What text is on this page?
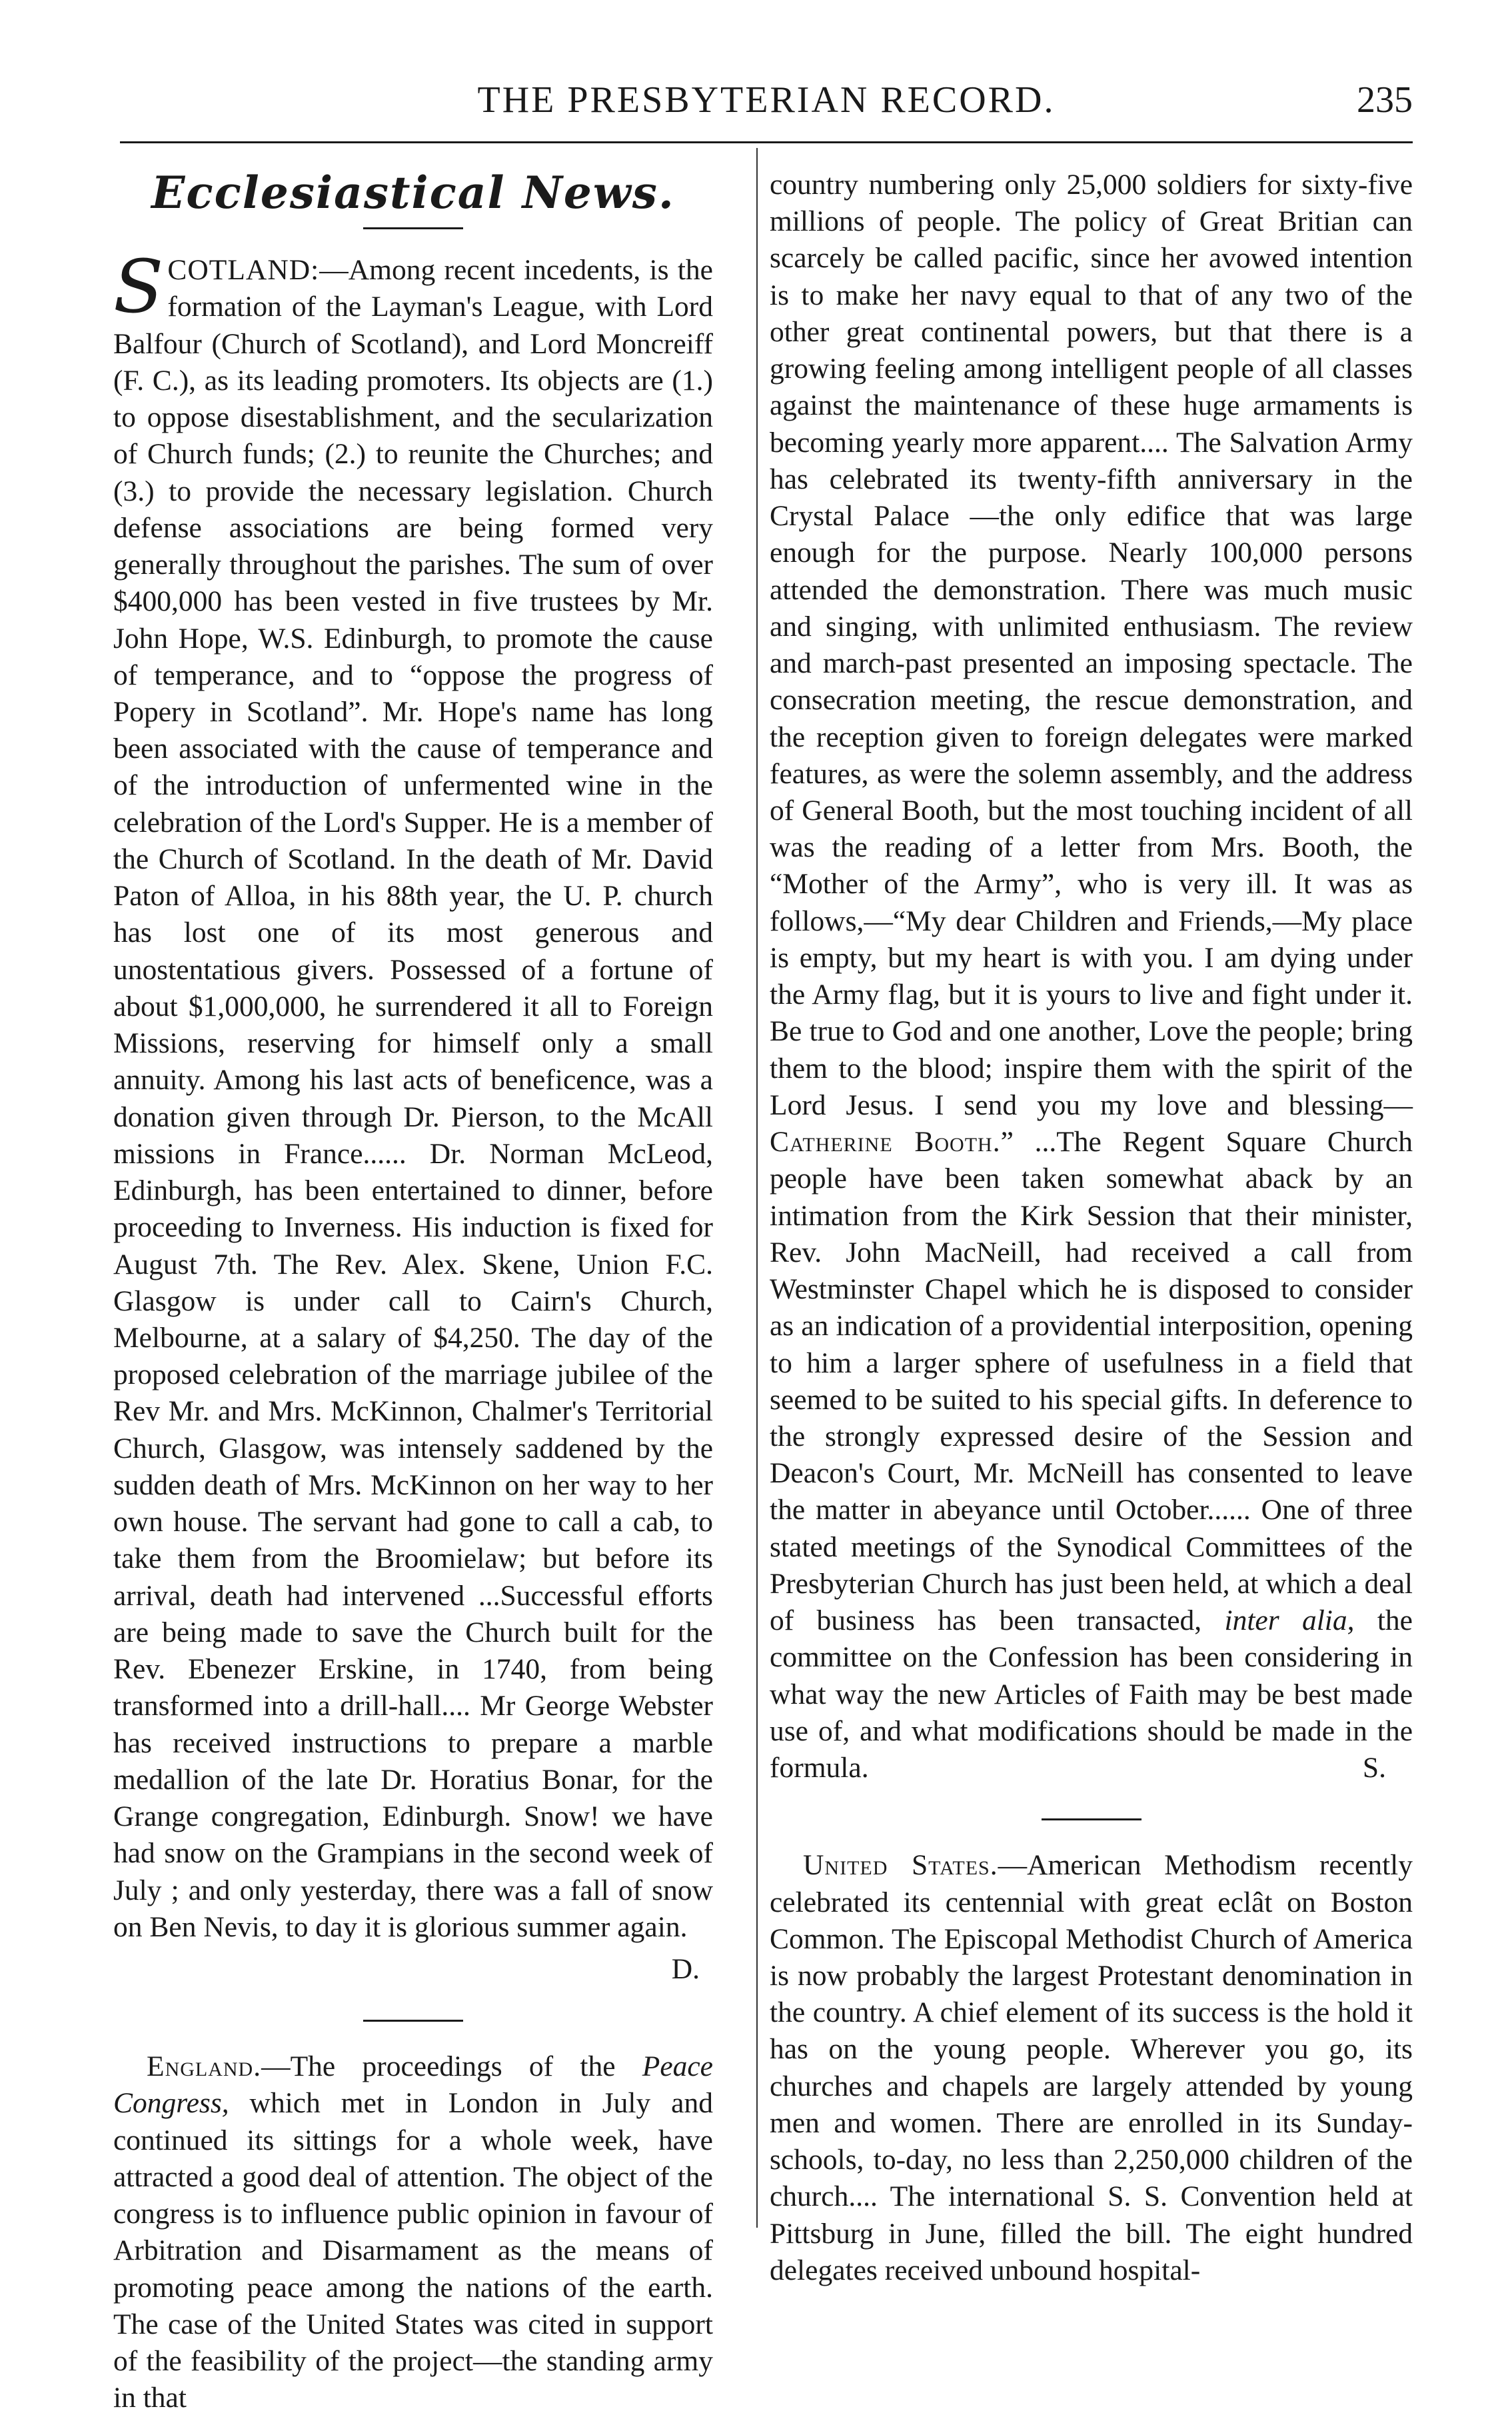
THE PRESBYTERIAN RECORD.	235
Ecclesiastical News.

SCOTLAND:—Among recent incedents, is the formation of the Layman's League, with Lord Balfour (Church of Scotland), and Lord Moncreiff (F. C.), as its leading promoters. Its objects are (1.) to oppose disestablishment, and the secularization of Church funds; (2.) to reunite the Churches; and (3.) to provide the necessary legislation. Church defense associations are being formed very generally throughout the parishes. The sum of over $400,000 has been vested in five trustees by Mr. John Hope, W.S. Edinburgh, to promote the cause of temperance, and to “oppose the progress of Popery in Scotland”. Mr. Hope's name has long been associated with the cause of temperance and of the introduction of unfermented wine in the celebration of the Lord's Supper. He is a member of the Church of Scotland. In the death of Mr. David Paton of Alloa, in his 88th year, the U. P. church has lost one of its most generous and unostentatious givers. Possessed of a fortune of about $1,000,000, he surrendered it all to Foreign Missions, reserving for himself only a small annuity. Among his last acts of beneficence, was a donation given through Dr. Pierson, to the McAll missions in France...... Dr. Norman McLeod, Edinburgh, has been entertained to dinner, before proceeding to Inverness. His induction is fixed for August 7th. The Rev. Alex. Skene, Union F.C. Glasgow is under call to Cairn's Church, Melbourne, at a salary of $4,250. The day of the proposed celebration of the marriage jubilee of the Rev Mr. and Mrs. McKinnon, Chalmer's Territorial Church, Glasgow, was intensely saddened by the sudden death of Mrs. McKinnon on her way to her own house. The servant had gone to call a cab, to take them from the Broomielaw; but before its arrival, death had intervened ...Successful efforts are being made to save the Church built for the Rev. Ebenezer Erskine, in 1740, from being transformed into a drill-hall.... Mr George Webster has received instructions to prepare a marble medallion of the late Dr. Horatius Bonar, for the Grange congregation, Edinburgh. Snow! we have had snow on the Grampians in the second week of July ; and only yesterday, there was a fall of snow on Ben Nevis, to day it is glorious summer again.

D.

England.—The proceedings of the Peace Congress, which met in London in July and continued its sittings for a whole week, have attracted a good deal of attention. The object of the congress is to influence public opinion in favour of Arbitration and Disarmament as the means of promoting peace among the nations of the earth. The case of the United States was cited in support of the feasibility of the project—the standing army in that

country numbering only 25,000 soldiers for sixty-five millions of people. The policy of Great Britian can scarcely be called pacific, since her avowed intention is to make her navy equal to that of any two of the other great continental powers, but that there is a growing feeling among intelligent people of all classes against the maintenance of these huge armaments is becoming yearly more apparent.... The Salvation Army has celebrated its twenty-fifth anniversary in the Crystal Palace —the only edifice that was large enough for the purpose. Nearly 100,000 persons attended the demonstration. There was much music and singing, with unlimited enthusiasm. The review and march-past presented an imposing spectacle. The consecration meeting, the rescue demonstration, and the reception given to foreign delegates were marked features, as were the solemn assembly, and the address of General Booth, but the most touching incident of all was the reading of a letter from Mrs. Booth, the “Mother of the Army”, who is very ill. It was as follows,—“My dear Children and Friends,—My place is empty, but my heart is with you. I am dying under the Army flag, but it is yours to live and fight under it. Be true to God and one another, Love the people; bring them to the blood; inspire them with the spirit of the Lord Jesus. I send you my love and blessing—Catherine Booth.” ...The Regent Square Church people have been taken somewhat aback by an intimation from the Kirk Session that their minister, Rev. John MacNeill, had received a call from Westminster Chapel which he is disposed to consider as an indication of a providential interposition, opening to him a larger sphere of usefulness in a field that seemed to be suited to his special gifts. In deference to the strongly expressed desire of the Session and Deacon's Court, Mr. McNeill has consented to leave the matter in abeyance until October...... One of three stated meetings of the Synodical Committees of the Presbyterian Church has just been held, at which a deal of business has been transacted, inter alia, the committee on the Confession has been considering in what way the new Articles of Faith may be best made use of, and what modifications should be made in the formula.	S.

United States.—American Methodism recently celebrated its centennial with great eclât on Boston Common. The Episcopal Methodist Church of America is now probably the largest Protestant denomination in the country. A chief element of its success is the hold it has on the young people. Wherever you go, its churches and chapels are largely attended by young men and women. There are enrolled in its Sunday-schools, to-day, no less than 2,250,000 children of the church.... The international S. S. Convention held at Pittsburg in June, filled the bill. The eight hundred delegates received unbound hospital-
